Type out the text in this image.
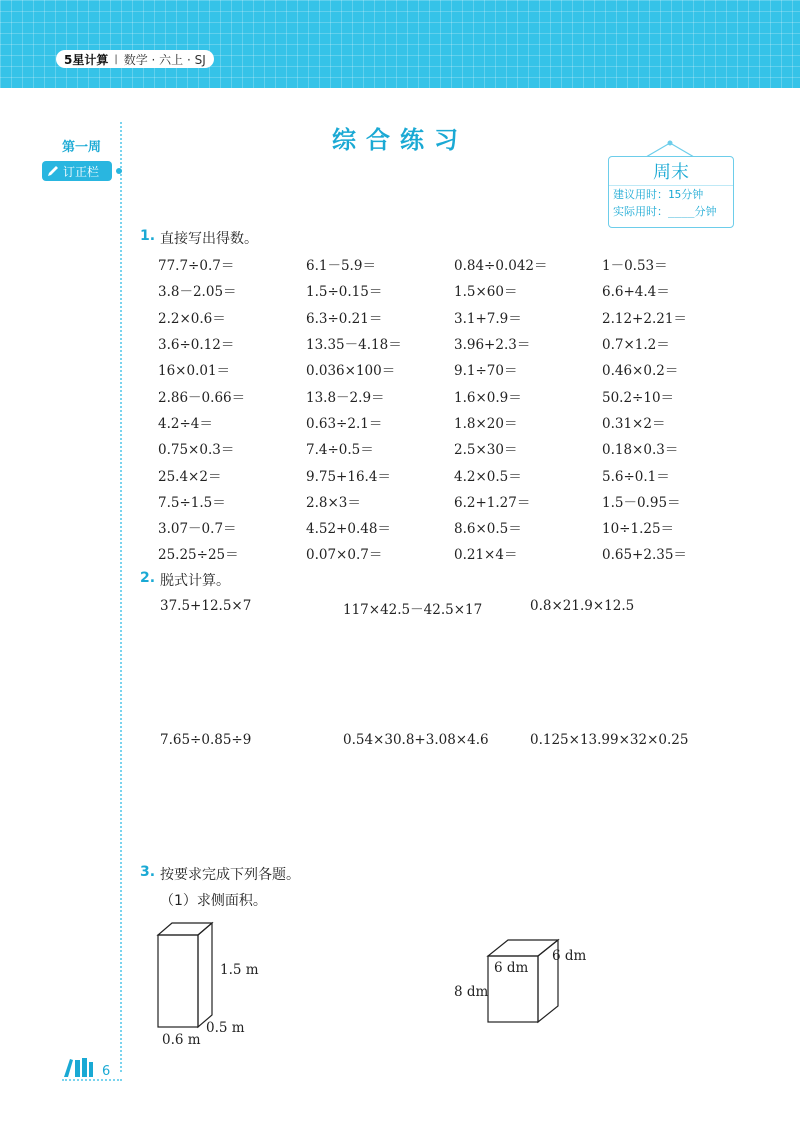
5星计算 | 数学 · 六上 · SJ
第一周
订正栏
综合练习
周末
建议用时：15分钟
实际用时：____分钟
1. 直接写出得数。
77.7÷0.7＝	6.1－5.9＝	0.84÷0.042＝	1－0.53＝
3.8－2.05＝	1.5÷0.15＝	1.5×60＝	6.6+4.4＝
2.2×0.6＝	6.3÷0.21＝	3.1+7.9＝	2.12+2.21＝
3.6÷0.12＝	13.35－4.18＝	3.96+2.3＝	0.7×1.2＝
16×0.01＝	0.036×100＝	9.1÷70＝	0.46×0.2＝
2.86－0.66＝	13.8－2.9＝	1.6×0.9＝	50.2÷10＝
4.2÷4＝	0.63÷2.1＝	1.8×20＝	0.31×2＝
0.75×0.3＝	7.4÷0.5＝	2.5×30＝	0.18×0.3＝
25.4×2＝	9.75+16.4＝	4.2×0.5＝	5.6÷0.1＝
7.5÷1.5＝	2.8×3＝	6.2+1.27＝	1.5－0.95＝
3.07－0.7＝	4.52+0.48＝	8.6×0.5＝	10÷1.25＝
25.25÷25＝	0.07×0.7＝	0.21×4＝	0.65+2.35＝
2. 脱式计算。
37.5+12.5×7	117×42.5－42.5×17	0.8×21.9×12.5
7.65÷0.85÷9	0.54×30.8+3.08×4.6	0.125×13.99×32×0.25
3. 按要求完成下列各题。
（1）求侧面积。
1.5 m
0.5 m
0.6 m
6 dm
6 dm
8 dm
6
